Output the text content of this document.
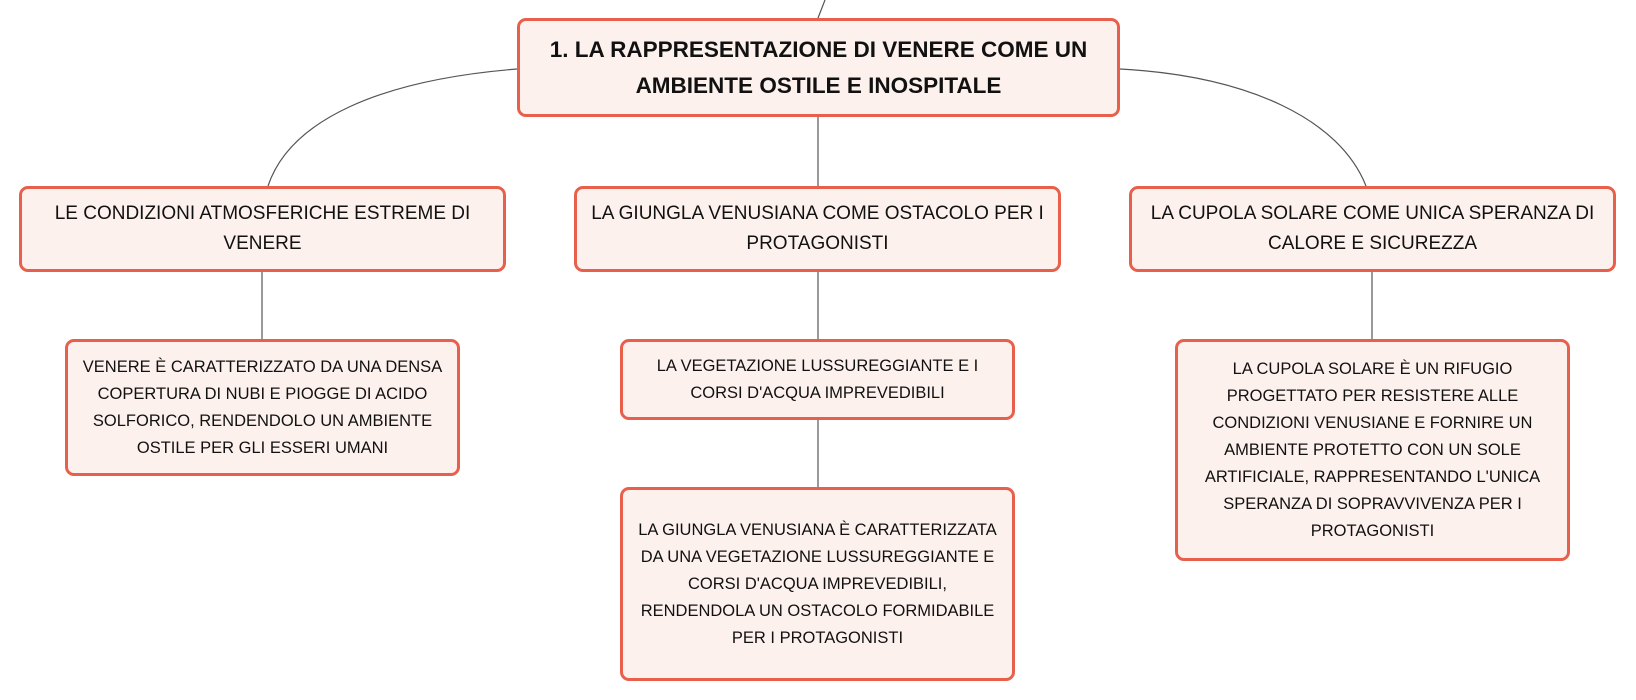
1. LA RAPPRESENTAZIONE DI VENERE COME UN AMBIENTE OSTILE E INOSPITALE
LE CONDIZIONI ATMOSFERICHE ESTREME DI VENERE
LA GIUNGLA VENUSIANA COME OSTACOLO PER I PROTAGONISTI
LA CUPOLA SOLARE COME UNICA SPERANZA DI CALORE E SICUREZZA
VENERE È CARATTERIZZATO DA UNA DENSA COPERTURA DI NUBI E PIOGGE DI ACIDO SOLFORICO, RENDENDOLO UN AMBIENTE OSTILE PER GLI ESSERI UMANI
LA VEGETAZIONE LUSSUREGGIANTE E I CORSI D'ACQUA IMPREVEDIBILI
LA GIUNGLA VENUSIANA È CARATTERIZZATA DA UNA VEGETAZIONE LUSSUREGGIANTE E CORSI D'ACQUA IMPREVEDIBILI, RENDENDOLA UN OSTACOLO FORMIDABILE PER I PROTAGONISTI
LA CUPOLA SOLARE È UN RIFUGIO PROGETTATO PER RESISTERE ALLE CONDIZIONI VENUSIANE E FORNIRE UN AMBIENTE PROTETTO CON UN SOLE ARTIFICIALE, RAPPRESENTANDO L'UNICA SPERANZA DI SOPRAVVIVENZA PER I PROTAGONISTI
